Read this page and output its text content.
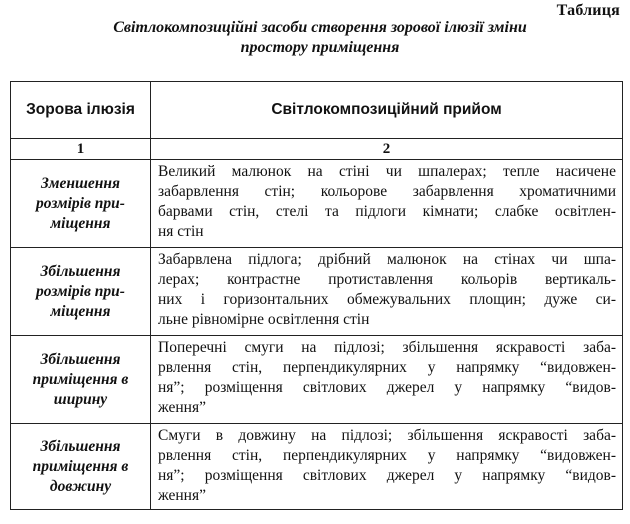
Таблиця
Світлокомпозиційні засоби створення зорової ілюзії зміни
простору приміщення
Зорова ілюзія	Світлокомпозиційний прийом
1	2

Зменшення
розмірів при-
міщення	Великий малюнок на стіні чи шпалерах; тепле насичене
забарвлення стін; кольорове забарвлення хроматичними
барвами стін, стелі та підлоги кімнати; слабке освітлен-
ня стін

Збільшення
розмірів при-
міщення	Забарвлена підлога; дрібний малюнок на стінах чи шпа-
лерах; контрастне протиставлення кольорів вертикаль-
них і горизонтальних обмежувальних площин; дуже си-
льне рівномірне освітлення стін

Збільшення
приміщення в
ширину	Поперечні смуги на підлозі; збільшення яскравості заба-
рвлення стін, перпендикулярних у напрямку “видовжен-
ня”; розміщення світлових джерел у напрямку “видов-
ження”

Збільшення
приміщення в
довжину	Смуги в довжину на підлозі; збільшення яскравості заба-
рвлення стін, перпендикулярних у напрямку “видовжен-
ня”; розміщення світлових джерел у напрямку “видов-
ження”
